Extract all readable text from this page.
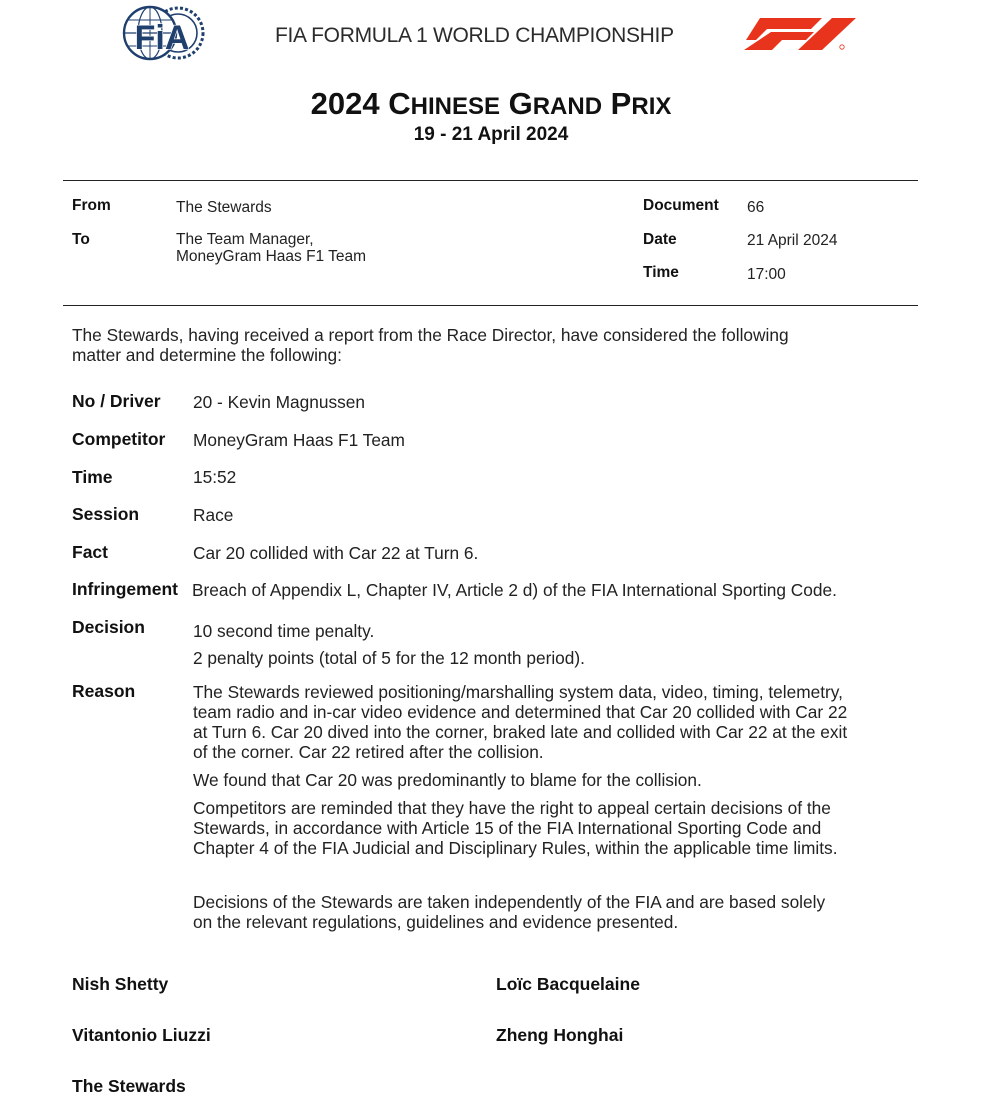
FiA	FIA FORMULA 1 WORLD CHAMPIONSHIP
2024 CHINESE GRAND PRIX
19 - 21 April 2024
From	The Stewards
To	The Team Manager,
MoneyGram Haas F1 Team
Document 66
Date	21 April 2024
Time	17:00
The Stewards, having received a report from the Race Director, have considered the following
matter and determine the following:
No / Driver 20 - Kevin Magnussen
Competitor MoneyGram Haas F1 Team
Time	15:52
Session	Race
Fact	Car 20 collided with Car 22 at Turn 6.
Infringement Breach of Appendix L, Chapter IV, Article 2 d) of the FIA International Sporting Code.
Decision	10 second time penalty.
2 penalty points (total of 5 for the 12 month period).
Reason	The Stewards reviewed positioning/marshalling system data, video, timing, telemetry,
team radio and in-car video evidence and determined that Car 20 collided with Car 22
at Turn 6. Car 20 dived into the corner, braked late and collided with Car 22 at the exit
of the corner. Car 22 retired after the collision.
We found that Car 20 was predominantly to blame for the collision.
Competitors are reminded that they have the right to appeal certain decisions of the
Stewards, in accordance with Article 15 of the FIA International Sporting Code and
Chapter 4 of the FIA Judicial and Disciplinary Rules, within the applicable time limits.
Decisions of the Stewards are taken independently of the FIA and are based solely
on the relevant regulations, guidelines and evidence presented.
Nish Shetty	Loïc Bacquelaine
Vitantonio Liuzzi	Zheng Honghai
The Stewards
